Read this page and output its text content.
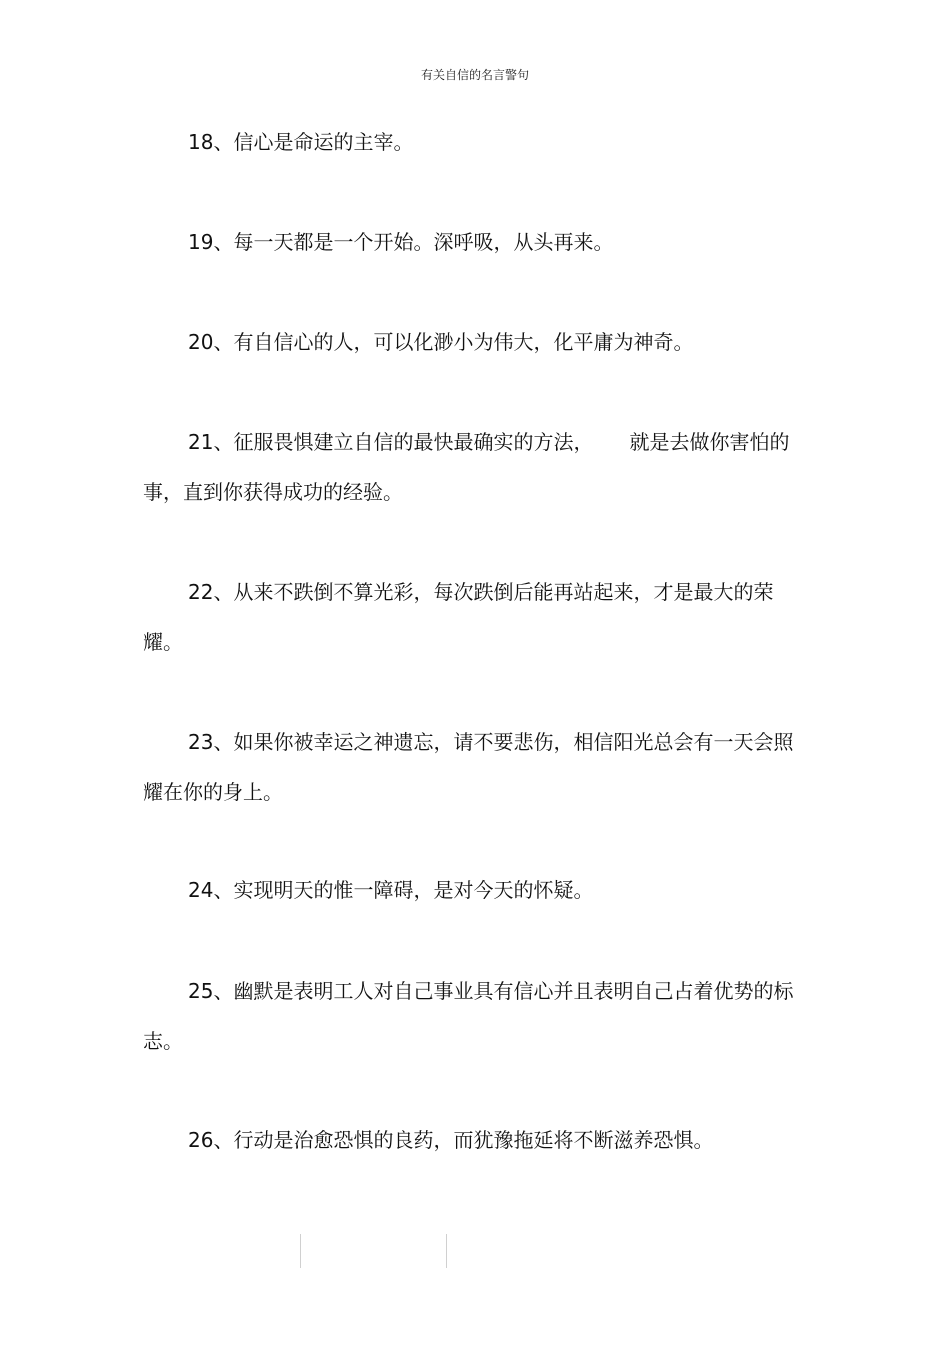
有关自信的名言警句

18、信心是命运的主宰。

19、每一天都是一个开始。深呼吸，从头再来。

20、有自信心的人，可以化渺小为伟大，化平庸为神奇。

21、征服畏惧建立自信的最快最确实的方法， 就是去做你害怕的事，直到你获得成功的经验。

22、从来不跌倒不算光彩，每次跌倒后能再站起来，才是最大的荣耀。

23、如果你被幸运之神遗忘，请不要悲伤，相信阳光总会有一天会照耀在你的身上。

24、实现明天的惟一障碍，是对今天的怀疑。

25、幽默是表明工人对自己事业具有信心并且表明自己占着优势的标志。

26、行动是治愈恐惧的良药，而犹豫拖延将不断滋养恐惧。
